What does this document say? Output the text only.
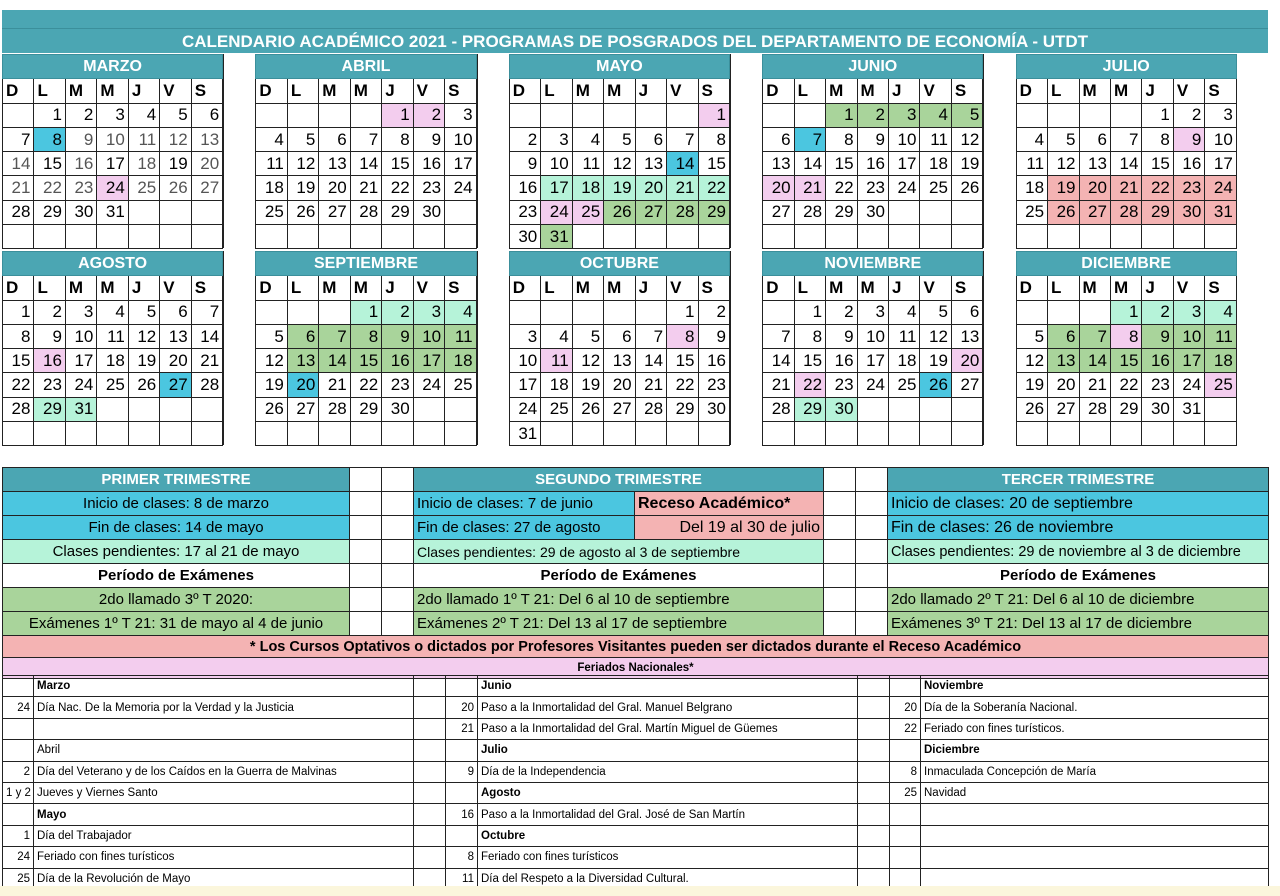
CALENDARIO ACADÉMICO 2021 - PROGRAMAS DE POSGRADOS DEL DEPARTAMENTO DE ECONOMÍA - UTDT
MARZO						
D	L	M	M	J	V	S
	1	2	3	4	5	6
7	8	9	10	11	12	13
14	15	16	17	18	19	20
21	22	23	24	25	26	27
28	29	30	31			

ABRIL						
D	L	M	M	J	V	S
				1	2	3
4	5	6	7	8	9	10
11	12	13	14	15	16	17
18	19	20	21	22	23	24
25	26	27	28	29	30	

MAYO						
D	L	M	M	J	V	S
						1
2	3	4	5	6	7	8
9	10	11	12	13	14	15
16	17	18	19	20	21	22
23	24	25	26	27	28	29
30	31					
JUNIO						
D	L	M	M	J	V	S
		1	2	3	4	5
6	7	8	9	10	11	12
13	14	15	16	17	18	19
20	21	22	23	24	25	26
27	28	29	30			

JULIO						
D	L	M	M	J	V	S
				1	2	3
4	5	6	7	8	9	10
11	12	13	14	15	16	17
18	19	20	21	22	23	24
25	26	27	28	29	30	31

AGOSTO						
D	L	M	M	J	V	S
1	2	3	4	5	6	7
8	9	10	11	12	13	14
15	16	17	18	19	20	21
22	23	24	25	26	27	28
28	29	31				

SEPTIEMBRE						
D	L	M	M	J	V	S
			1	2	3	4
5	6	7	8	9	10	11
12	13	14	15	16	17	18
19	20	21	22	23	24	25
26	27	28	29	30		

OCTUBRE						
D	L	M	M	J	V	S
					1	2
3	4	5	6	7	8	9
10	11	12	13	14	15	16
17	18	19	20	21	22	23
24	25	26	27	28	29	30
31						
NOVIEMBRE						
D	L	M	M	J	V	S
	1	2	3	4	5	6
7	8	9	10	11	12	13
14	15	16	17	18	19	20
21	22	23	24	25	26	27
28	29	30				

DICIEMBRE						
D	L	M	M	J	V	S
			1	2	3	4
5	6	7	8	9	10	11
12	13	14	15	16	17	18
19	20	21	22	23	24	25
26	27	28	29	30	31	

PRIMER TRIMESTRE			SEGUNDO TRIMESTRE				TERCER TRIMESTRE
Inicio de clases: 8 de marzo			Inicio de clases: 7 de junio	Receso Académico*			Inicio de clases: 20 de septiembre
Fin de clases: 14 de mayo			Fin de clases: 27 de agosto	Del 19 al 30 de julio			Fin de clases: 26 de noviembre
Clases pendientes: 17 al 21 de mayo			Clases pendientes: 29 de agosto al 3 de septiembre				Clases pendientes: 29 de noviembre al 3 de diciembre
Período de Exámenes			Período de Exámenes				Período de Exámenes
2do llamado 3º T 2020:			2do llamado 1º T 21: Del 6 al 10 de septiembre				2do llamado 2º T 21: Del 6 al 10 de diciembre
Exámenes 1º T 21: 31 de mayo al 4 de junio			Exámenes 2º T 21: Del 13 al 17 de septiembre				Exámenes 3º T 21: Del 13 al 17 de diciembre
* Los Cursos Optativos o dictados por Profesores Visitantes pueden ser dictados durante el Receso Académico							
Feriados Nacionales*							
	Marzo			Junio			Noviembre
24	Día Nac. De la Memoria por la Verdad y la Justicia		20	Paso a la Inmortalidad del Gral. Manuel Belgrano		20	Día de la Soberanía Nacional.
			21	Paso a la Inmortalidad del Gral. Martín Miguel de Güemes		22	Feriado con fines turísticos.
	Abril			Julio			Diciembre
2	Día del Veterano y de los Caídos en la Guerra de Malvinas		9	Día de la Independencia		8	Inmaculada Concepción de María
1 y 2	Jueves y Viernes Santo			Agosto		25	Navidad
	Mayo		16	Paso a la Inmortalidad del Gral. José de San Martín			
1	Día del Trabajador			Octubre			
24	Feriado con fines turísticos		8	Feriado con fines turísticos			
25	Día de la Revolución de Mayo		11	Día del Respeto a la Diversidad Cultural.			
